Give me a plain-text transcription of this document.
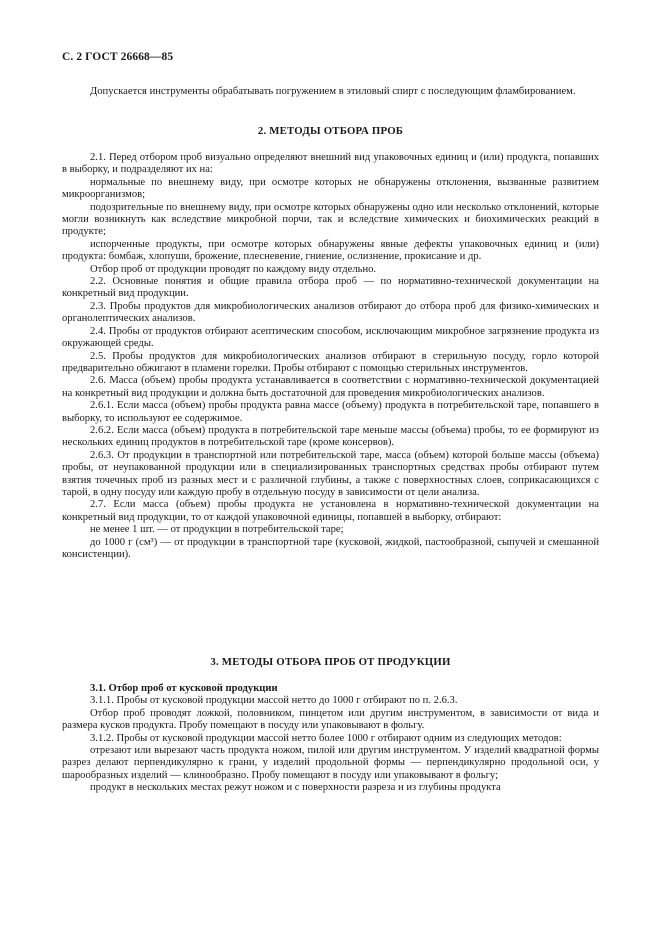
С. 2 ГОСТ 26668—85

Допускается инструменты обрабатывать погружением в этиловый спирт с последующим фламбированием.

2. МЕТОДЫ ОТБОРА ПРОБ

2.1. Перед отбором проб визуально определяют внешний вид упаковочных единиц и (или) продукта, попавших в выборку, и подразделяют их на:

нормальные по внешнему виду, при осмотре которых не обнаружены отклонения, вызванные развитием микроорганизмов;

подозрительные по внешнему виду, при осмотре которых обнаружены одно или несколько отклонений, которые могли возникнуть как вследствие микробной порчи, так и вследствие химических и биохимических реакций в продукте;

испорченные продукты, при осмотре которых обнаружены явные дефекты упаковочных единиц и (или) продукта: бомбаж, хлопуши, брожение, плесневение, гниение, ослизнение, прокисание и др.

Отбор проб от продукции проводят по каждому виду отдельно.

2.2. Основные понятия и общие правила отбора проб — по нормативно-технической документации на конкретный вид продукции.

2.3. Пробы продуктов для микробиологических анализов отбирают до отбора проб для физико-химических и органолептических анализов.

2.4. Пробы от продуктов отбирают асептическим способом, исключающим микробное загрязнение продукта из окружающей среды.

2.5. Пробы продуктов для микробиологических анализов отбирают в стерильную посуду, горло которой предварительно обжигают в пламени горелки. Пробы отбирают с помощью стерильных инструментов.

2.6. Масса (объем) пробы продукта устанавливается в соответствии с нормативно-технической документацией на конкретный вид продукции и должна быть достаточной для проведения микробиологических анализов.

2.6.1. Если масса (объем) пробы продукта равна массе (объему) продукта в потребительской таре, попавшего в выборку, то используют ее содержимое.

2.6.2. Если масса (объем) продукта в потребительской таре меньше массы (объема) пробы, то ее формируют из нескольких единиц продуктов в потребительской таре (кроме консервов).

2.6.3. От продукции в транспортной или потребительской таре, масса (объем) которой больше массы (объема) пробы, от неупакованной продукции или в специализированных транспортных средствах пробы отбирают путем взятия точечных проб из разных мест и с различной глубины, а также с поверхностных слоев, соприкасающихся с тарой, в одну посуду или каждую пробу в отдельную посуду в зависимости от цели анализа.

2.7. Если масса (объем) пробы продукта не установлена в нормативно-технической документации на конкретный вид продукции, то от каждой упаковочной единицы, попавшей в выборку, отбирают:

не менее 1 шт. — от продукции в потребительской таре;

до 1000 г (см³) — от продукции в транспортной таре (кусковой, жидкой, пастообразной, сыпучей и смешанной консистенции).

3. МЕТОДЫ ОТБОРА ПРОБ ОТ ПРОДУКЦИИ

3.1. Отбор проб от кусковой продукции

3.1.1. Пробы от кусковой продукции массой нетто до 1000 г отбирают по п. 2.6.3.

Отбор проб проводят ложкой, половником, пинцетом или другим инструментом, в зависимости от вида и размера кусков продукта. Пробу помещают в посуду или упаковывают в фольгу.

3.1.2. Пробы от кусковой продукции массой нетто более 1000 г отбирают одним из следующих методов:

отрезают или вырезают часть продукта ножом, пилой или другим инструментом. У изделий квадратной формы разрез делают перпендикулярно к грани, у изделий продольной формы — перпендикулярно продольной оси, у шарообразных изделий — клинообразно. Пробу помещают в посуду или упаковывают в фольгу;

продукт в нескольких местах режут ножом и с поверхности разреза и из глубины продукта
